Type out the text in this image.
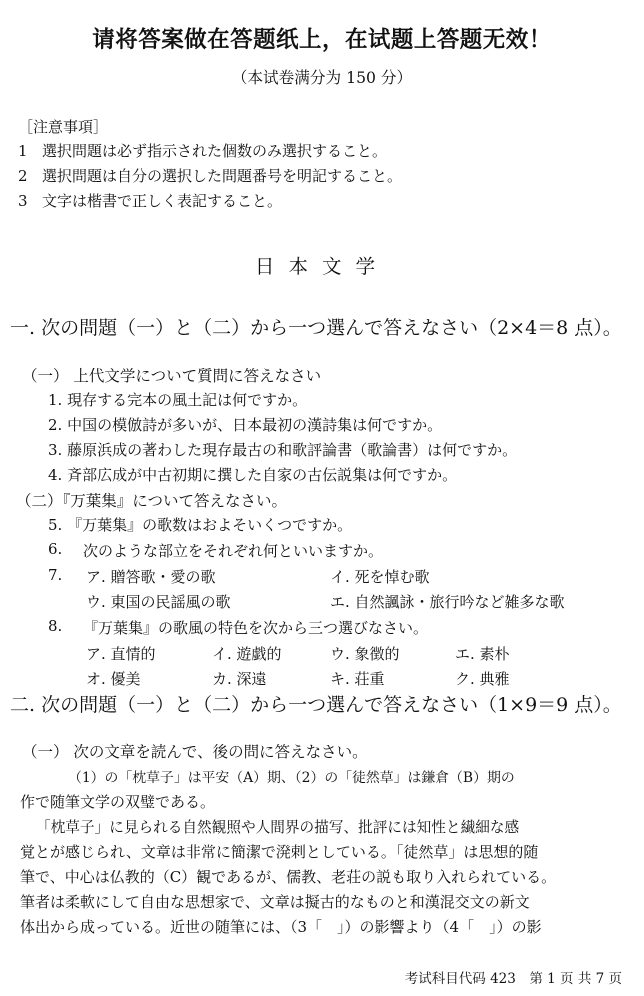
请将答案做在答题纸上，在试题上答题无效！
（本试卷满分为 150 分）
［注意事項］
1 選択問題は必ず指示された個数のみ選択すること。
2 選択問題は自分の選択した問題番号を明記すること。
3 文字は楷書で正しく表記すること。
日本文学
一. 次の問題（一）と（二）から一つ選んで答えなさい（2×4＝8 点）。
（一） 上代文学について質問に答えなさい
1. 現存する完本の風土記は何ですか。
2. 中国の模倣詩が多いが、日本最初の漢詩集は何ですか。
3. 藤原浜成の著わした現存最古の和歌評論書（歌論書）は何ですか。
4. 斉部広成が中古初期に撰した自家の古伝説集は何ですか。
（二）『万葉集』について答えなさい。
5. 『万葉集』の歌数はおよそいくつですか。
6. 次のような部立をそれぞれ何といいますか。
7. ア. 贈答歌・愛の歌	イ. 死を悼む歌
ウ. 東国の民謡風の歌	エ. 自然諷詠・旅行吟など雑多な歌
8. 『万葉集』の歌風の特色を次から三つ選びなさい。
ア. 直情的	イ. 遊戯的	ウ. 象徴的	エ. 素朴
オ. 優美	カ. 深遠	キ. 荘重	ク. 典雅
二. 次の問題（一）と（二）から一つ選んで答えなさい（1×9＝9 点）。
（一） 次の文章を読んで、後の問に答えなさい。
（1）の「枕草子」は平安（A）期、（2）の「徒然草」は鎌倉（B）期の
作で随筆文学の双璧である。
「枕草子」に見られる自然観照や人間界の描写、批評には知性と繊細な感
覚とが感じられ、文章は非常に簡潔で溌剌としている。「徒然草」は思想的随
筆で、中心は仏教的（C）観であるが、儒教、老荘の説も取り入れられている。
筆者は柔軟にして自由な思想家で、文章は擬古的なものと和漢混交文の新文
体出から成っている。近世の随筆には、（3「　」）の影響より（4「　」）の影
考试科目代码 423　第 1 页 共 7 页
